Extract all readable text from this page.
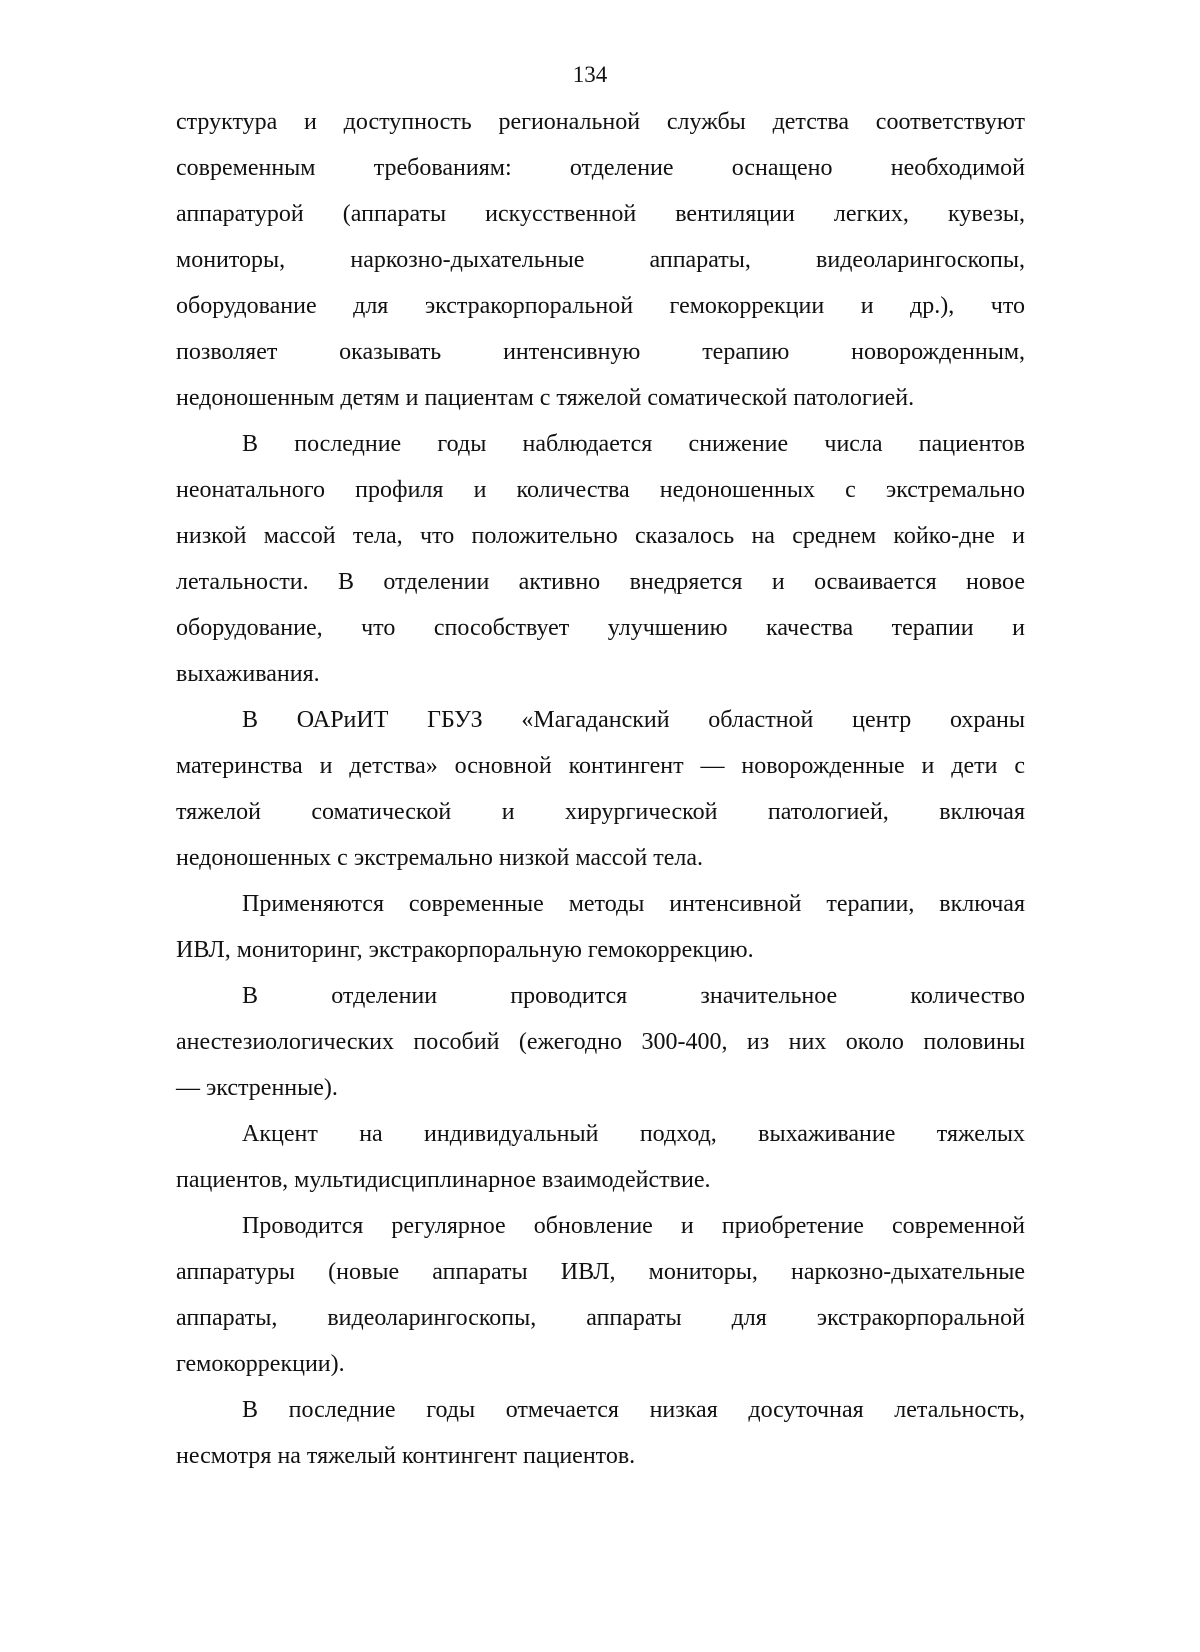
134
структура и доступность региональной службы детства соответствуют
современным требованиям: отделение оснащено необходимой
аппаратурой (аппараты искусственной вентиляции легких, кувезы,
мониторы, наркозно-дыхательные аппараты, видеоларингоскопы,
оборудование для экстракорпоральной гемокоррекции и др.), что
позволяет оказывать интенсивную терапию новорожденным,
недоношенным детям и пациентам с тяжелой соматической патологией.
В последние годы наблюдается снижение числа пациентов
неонатального профиля и количества недоношенных с экстремально
низкой массой тела, что положительно сказалось на среднем койко-дне и
летальности. В отделении активно внедряется и осваивается новое
оборудование, что способствует улучшению качества терапии и
выхаживания.
В ОАРиИТ ГБУЗ «Магаданский областной центр охраны
материнства и детства» основной контингент — новорожденные и дети с
тяжелой соматической и хирургической патологией, включая
недоношенных с экстремально низкой массой тела.
Применяются современные методы интенсивной терапии, включая
ИВЛ, мониторинг, экстракорпоральную гемокоррекцию.
В отделении проводится значительное количество
анестезиологических пособий (ежегодно 300-400, из них около половины
— экстренные).
Акцент на индивидуальный подход, выхаживание тяжелых
пациентов, мультидисциплинарное взаимодействие.
Проводится регулярное обновление и приобретение современной
аппаратуры (новые аппараты ИВЛ, мониторы, наркозно-дыхательные
аппараты, видеоларингоскопы, аппараты для экстракорпоральной
гемокоррекции).
В последние годы отмечается низкая досуточная летальность,
несмотря на тяжелый контингент пациентов.
